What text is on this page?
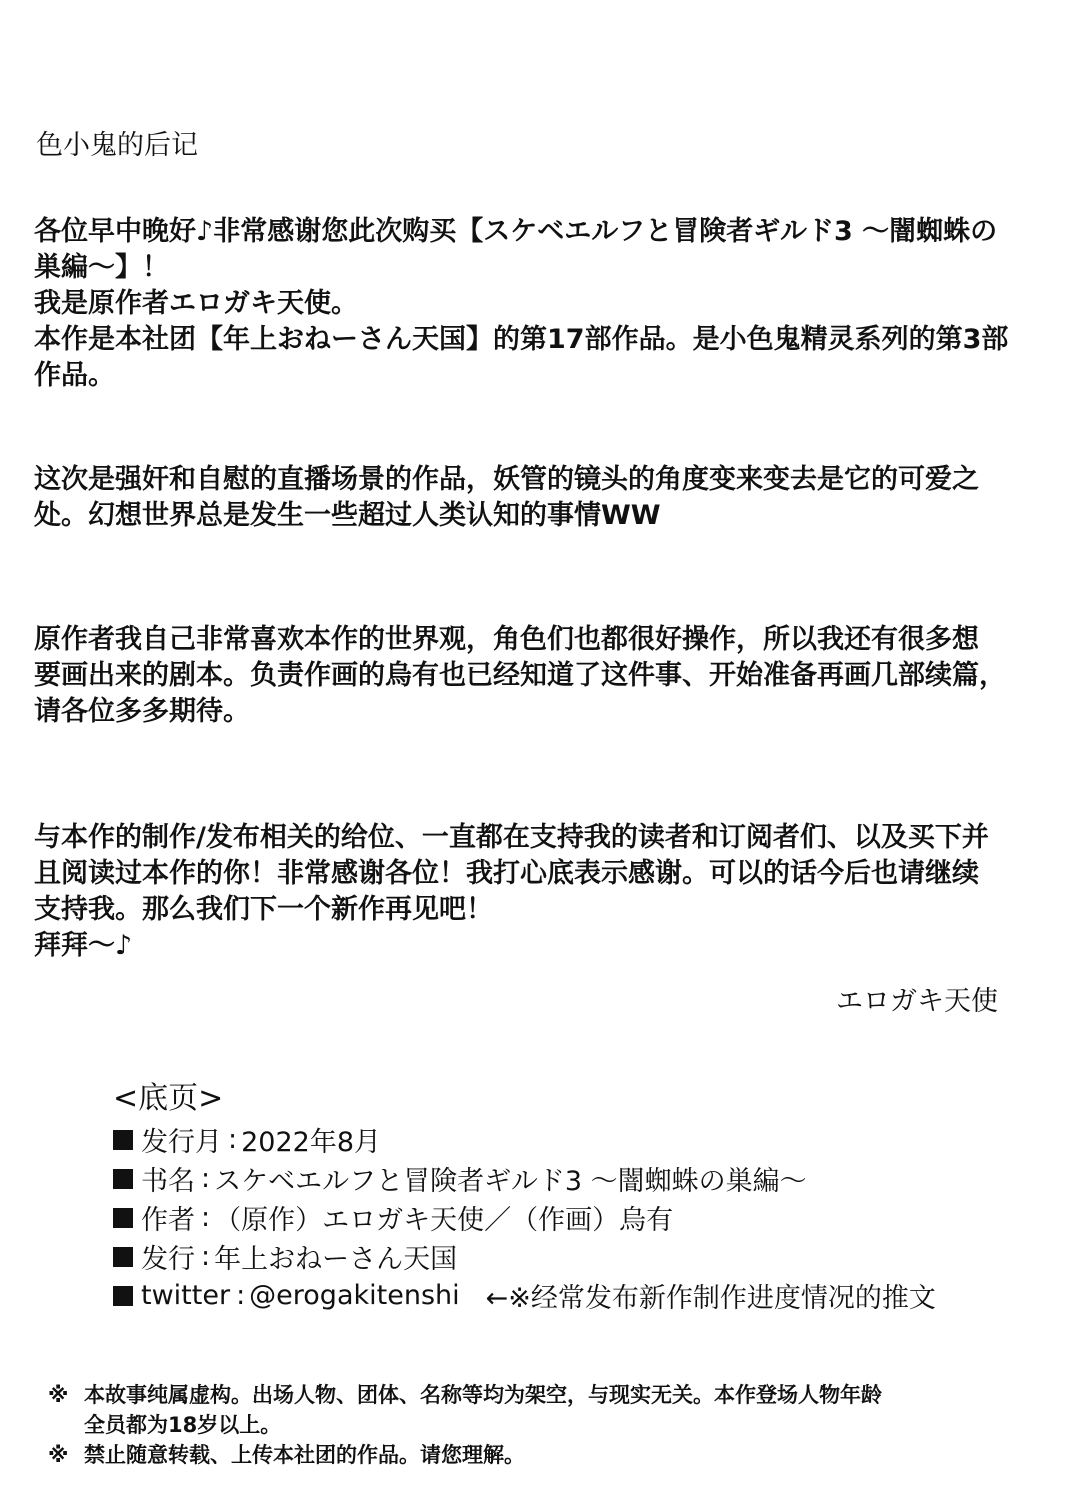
色小鬼的后记
各位早中晚好♪非常感谢您此次购买【スケベエルフと冒険者ギルド3 〜闇蜘蛛の
巣編〜】！
我是原作者エロガキ天使。
本作是本社团【年上おねーさん天国】的第17部作品。是小色鬼精灵系列的第3部
作品。
这次是强奸和自慰的直播场景的作品，妖管的镜头的角度变来变去是它的可爱之
处。幻想世界总是发生一些超过人类认知的事情WW
原作者我自己非常喜欢本作的世界观，角色们也都很好操作，所以我还有很多想
要画出来的剧本。负责作画的烏有也已经知道了这件事、开始准备再画几部续篇，
请各位多多期待。
与本作的制作/发布相关的给位、一直都在支持我的读者和订阅者们、以及买下并
且阅读过本作的你！非常感谢各位！我打心底表示感谢。可以的话今后也请继续
支持我。那么我们下一个新作再见吧！
拜拜〜♪
エロガキ天使
<底页>
发行月 : 2022年8月
书名 : スケベエルフと冒険者ギルド3 〜闇蜘蛛の巣編〜
作者 : （原作）エロガキ天使／（作画）烏有
发行 : 年上おねーさん天国
twitter : @erogakitenshi ←※经常发布新作制作进度情况的推文
※ 本故事纯属虚构。出场人物、团体、名称等均为架空，与现实无关。本作登场人物年龄
全员都为18岁以上。
※ 禁止随意转载、上传本社团的作品。请您理解。
